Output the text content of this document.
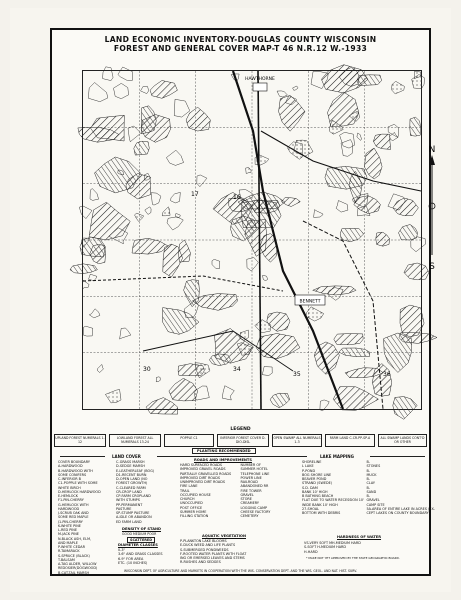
LAND ECONOMIC INVENTORY-DOUGLAS COUNTY WISCONSIN
FOREST AND GENERAL COVER MAP-T 46 N.R.12 W.-1933
HAWTHORNE
BENNETT
17	16
30	34
35	36
LEGEND
UPLAND FOREST NUMERALS 1-12
LOWLAND FOREST ALL NUMERALS 13-24
POPPLE C1	INFERIOR FOREST COVER D-DIO-DISL
OPEN SWAMP ALL NUMERALS 1-3
FARM LAND C-CR-PP-SP-A	ALL SWAMP LANDS CONT'D OR OTHER
PLANTING RECOMMENDED
LAND COVER	LAKE MAPPING
COVER BOUNDARY
A-HARDWOOD
B-HARDWOOD WITH
SOME CONIFERS
C-INFERIOR B
C1-POPPLE WITH SOME
WHITE BIRCH
D-HEMLOCK HARDWOOD
E-HEMLOCK
F1-PIN-CHERRY
G-HEMLOCK WITH
HARDWOOD
J-SCRUB OAK AND
SOME RED MAPLE
J1-PIN-CHERRY
K-WHITE PINE
L-RED PINE
M-JACK PINE
N-BLACK ASH, ELM,
AND MAPLE
P-WHITE CEDAR
R-TAMARACK
S-SPRUCE (BLACK)
T-BALSAM
A-TAG ALDER, WILLOW
REDOSIER(DOGWOOD)
B-CAT-TAIL MARSH
C-GRASS MARSH
D-SEDGE MARSH
E-LEATHERLEAF (BOG)
D1-RECENT BURN
D-OPEN LAND (NO
FOREST GROWTH)
C-CLEARED FARM
CR-CROP LAND
CP-FARM CROPLAND
WITH STUMPS
PP-PERMANENT
PASTURE
SP-STUMP PASTURE
A-IDLE OR ABANDON
ED FARM LAND
DENSITY OF STAND
GOOD MEDIUM POOR
SCATTERED
DIAMETER CLASSES
0-3"
3-6" AND GRASS CLASSES
6-9" FOR AREA
ETC. (10 INCHES)
ROADS AND IMPROVEMENTS
HARD SURFACED ROADS
IMPROVED GRAVEL ROADS
PARTIALLY GRAVELLED ROADS
IMPROVED DIRT ROADS
UNIMPROVED DIRT ROADS
FIRE LANE
TRAIL
OCCUPIED HOUSE
CHURCH
UNOCCUPIED
POST OFFICE
SUMMER HOME
FILLING STATION
NUMBER OF
SUMMER HOTEL
TELEPHONE LINE
POWER LINE
RAILROAD
ABANDONED RR
FIRE TOWER
GRAVEL
STORE
CREAMERY
LOGGING CAMP
CHEESE FACTORY
CEMETERY
AQUATIC VEGETATION
P-PLANKTON LAKE BLOOMS
E-DUCK WEED AND LIFE PLANTS
S-SUBMERGED PONDWEEDS
F-ROOTED WATER PLANTS WITH FLOAT
ING OR EMERSED LEAVES AND STEMS
R-RUSHES AND SEDGES
SHORELINE
L LAKE
P-POND
BOG SHORE LINE
BEAVER POND
STRAND (SWEDE)
S.D. DAM
BANK 10' HIGH
B BATHING BEACH
FLAT DUE TO WATER RECESSION 10'
WIDE BANK 10' HIGH
27-SHOAL
BOTTOM WITH DEBRIS
B-
STONES
B-
MUCK
B-
CLAY
B-
SAND
B-
GRAVEL
CAMP SITE
5A-AREA OF ENTIRE LAKE IN ACRES (EX-
CEPT LAKES ON COUNTY BOUNDARY)
HARDNESS OF WATER
VS-VERY SOFT MH-MEDIUM HARD
S-SOFT H-MEDIUM HARD
H-HARD
* MAKE NOT YET APPROVED BY THE STATE GEOGRAPHIC BOARD.
WISCONSIN DEPT. OF AGRICULTURE AND MARKETS IN COOPERATION WITH THE WIS. CONSERVATION DEPT. AND THE WIS. GEOL. AND NAT. HIST. SURV.
N
S
